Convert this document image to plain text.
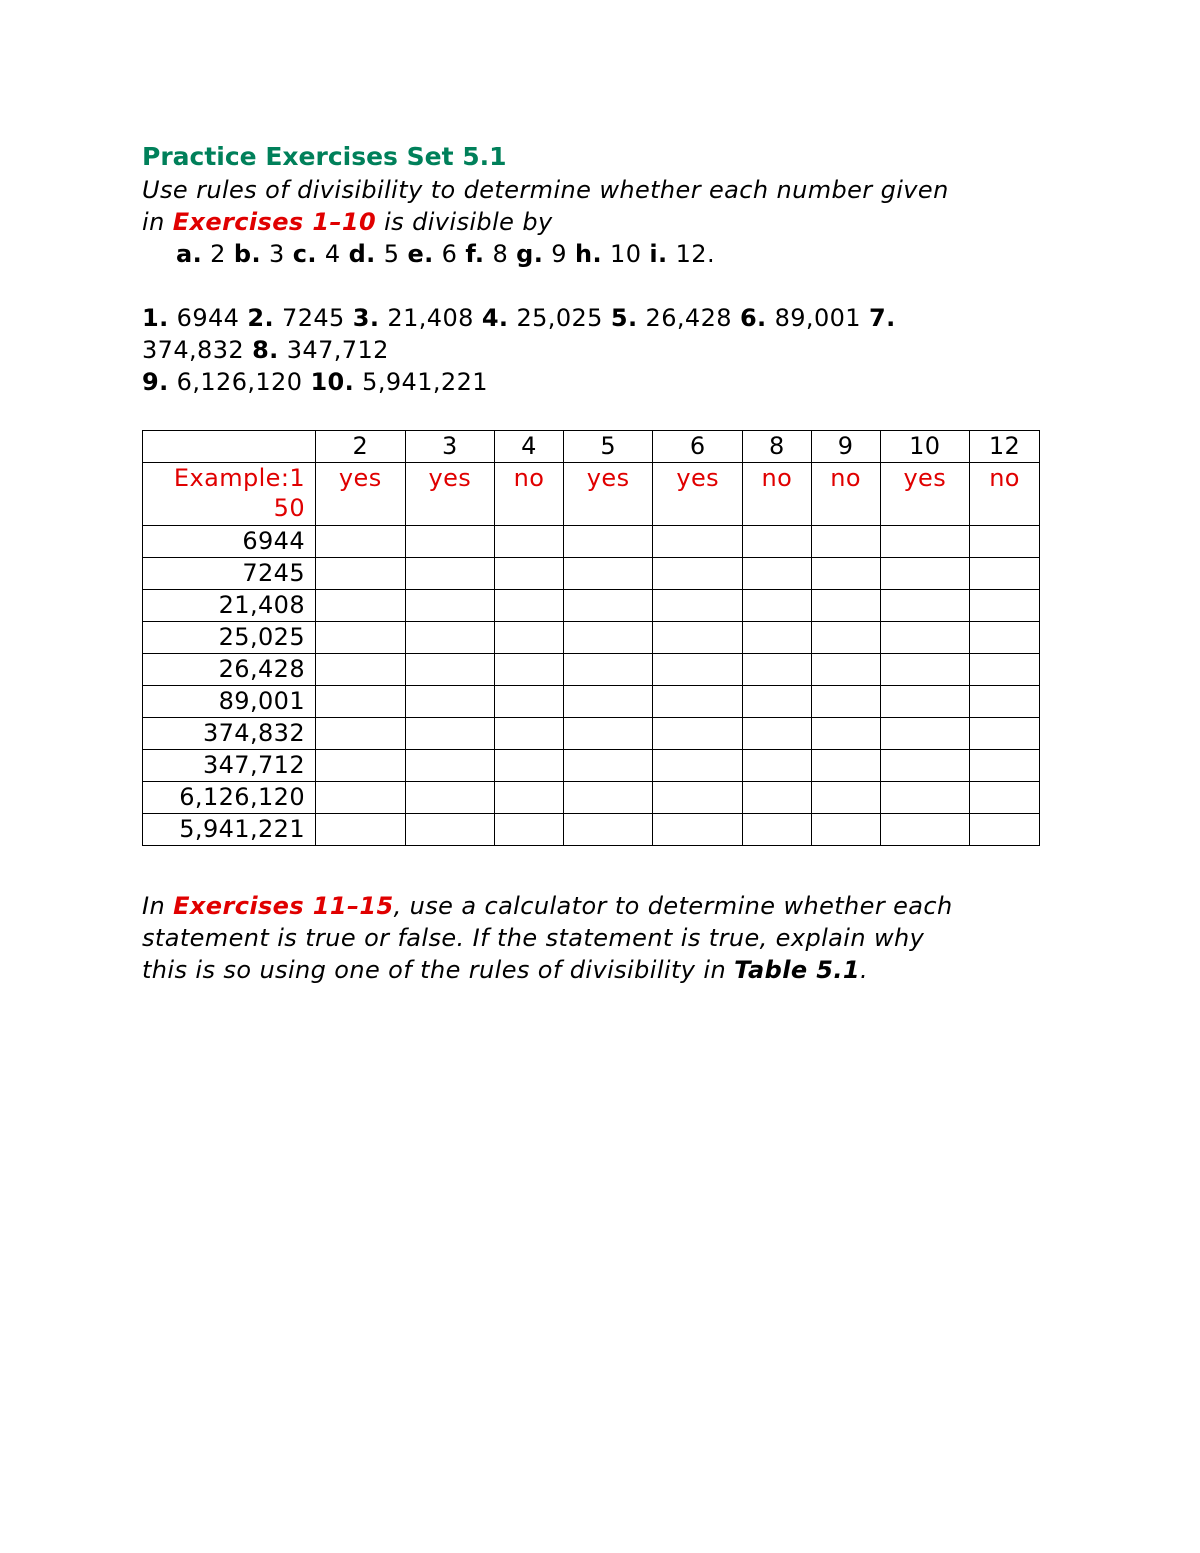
Practice Exercises Set 5.1

Use rules of divisibility to determine whether each number given

in Exercises 1–10 is divisible by

a. 2 b. 3 c. 4 d. 5 e. 6 f. 8 g. 9 h. 10 i. 12.

1. 6944 2. 7245 3. 21,408 4. 25,025 5. 26,428 6. 89,001 7.

374,832 8. 347,712

9. 6,126,120 10. 5,941,221

	2	3	4	5	6	8	9	10	12

Example:1
50	yes	yes	no	yes	yes	no	no	yes	no
6944									
7245									
21,408									
25,025									
26,428									
89,001									
374,832									
347,712									
6,126,120									
5,941,221									

In Exercises 11–15, use a calculator to determine whether each

statement is true or false. If the statement is true, explain why

this is so using one of the rules of divisibility in Table 5.1.
